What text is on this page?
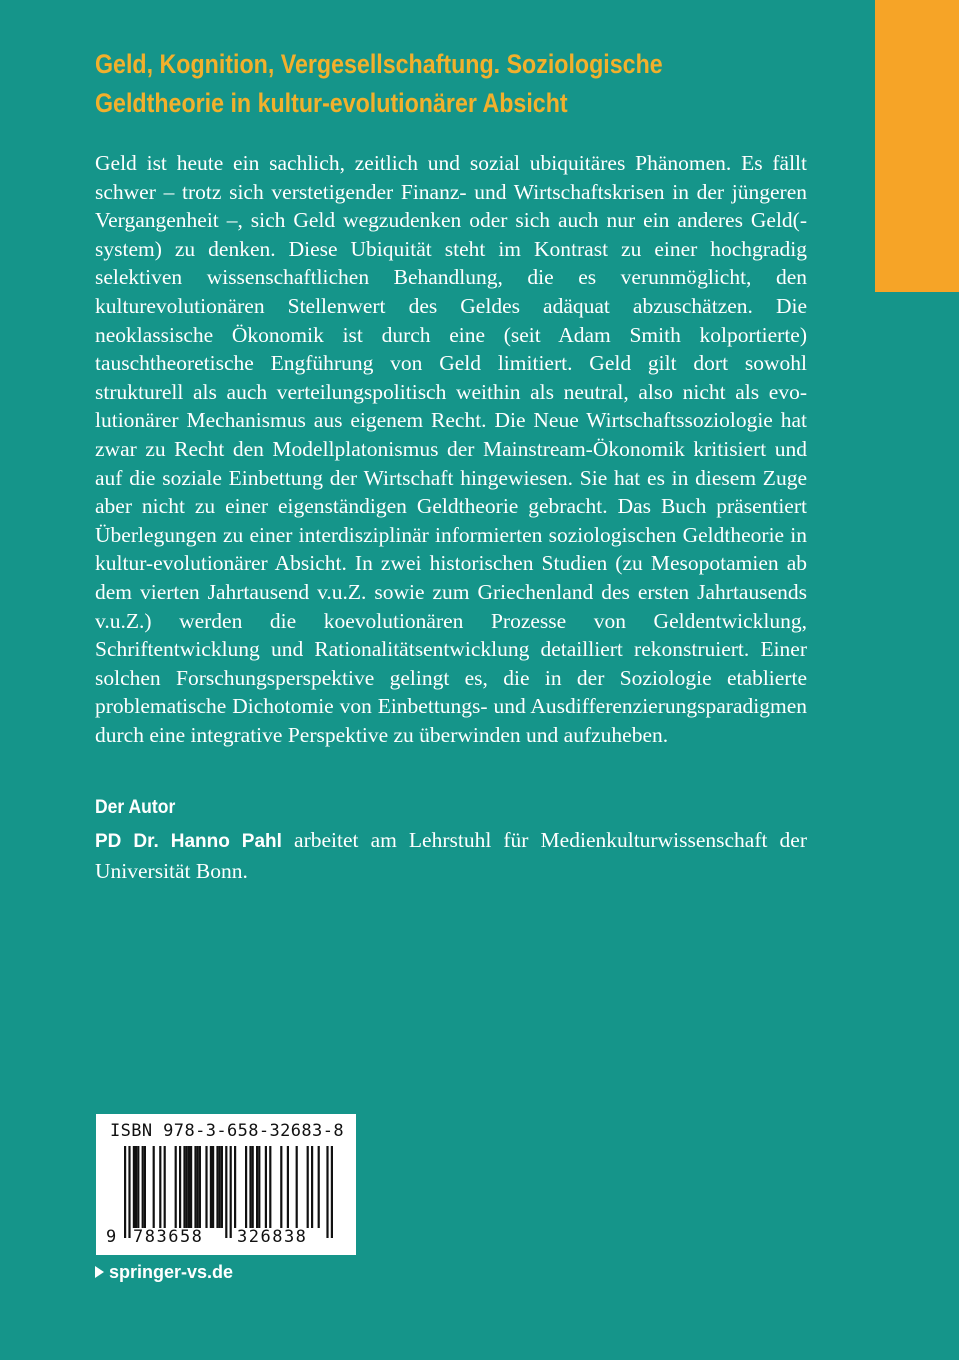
Geld, Kognition, Vergesellschaftung. Soziologische
Geldtheorie in kultur-evolutionärer Absicht

Geld ist heute ein sachlich, zeitlich und sozial ubiquitäres Phänomen. Es fällt schwer – trotz sich verstetigender Finanz- und Wirtschaftskrisen in der jüngeren Vergangenheit –, sich Geld wegzudenken oder sich auch nur ein anderes Geld(-system) zu denken. Diese Ubiquität steht im Kontrast zu einer hochgradig selektiven wissenschaftlichen Behandlung, die es verunmöglicht, den kulturevolutionären Stellenwert des Geldes adäquat abzuschätzen. Die neoklassische Ökonomik ist durch eine (seit Adam Smith kolportierte) tauschtheoretische Engführung von Geld limitiert. Geld gilt dort sowohl strukturell als auch verteilungspolitisch weithin als neutral, also nicht als evolutionärer Mechanismus aus eigenem Recht. Die Neue Wirtschaftssoziologie hat zwar zu Recht den Modellplatonismus der Mainstream-Ökonomik kritisiert und auf die soziale Einbettung der Wirtschaft hingewiesen. Sie hat es in diesem Zuge aber nicht zu einer eigenständigen Geldtheorie gebracht. Das Buch präsentiert Überlegungen zu einer interdisziplinär informierten soziologischen Geldtheorie in kultur-evolutionärer Absicht. In zwei historischen Studien (zu Mesopotamien ab dem vierten Jahrtausend v.u.Z. sowie zum Griechenland des ersten Jahrtausends v.u.Z.) werden die koevolutionären Prozesse von Geldentwicklung, Schriftentwicklung und Rationalitätsentwicklung detailliert rekonstruiert. Einer solchen Forschungsperspektive gelingt es, die in der Soziologie etablierte problematische Dichotomie von Einbettungs- und Ausdifferenzierungsparadigmen durch eine integrative Perspektive zu überwinden und aufzuheben.

Der Autor
PD Dr. Hanno Pahl arbeitet am Lehrstuhl für Medienkulturwissenschaft der Universität Bonn.
ISBN 978-3-658-32683-8
9 783658 326838
springer-vs.de
